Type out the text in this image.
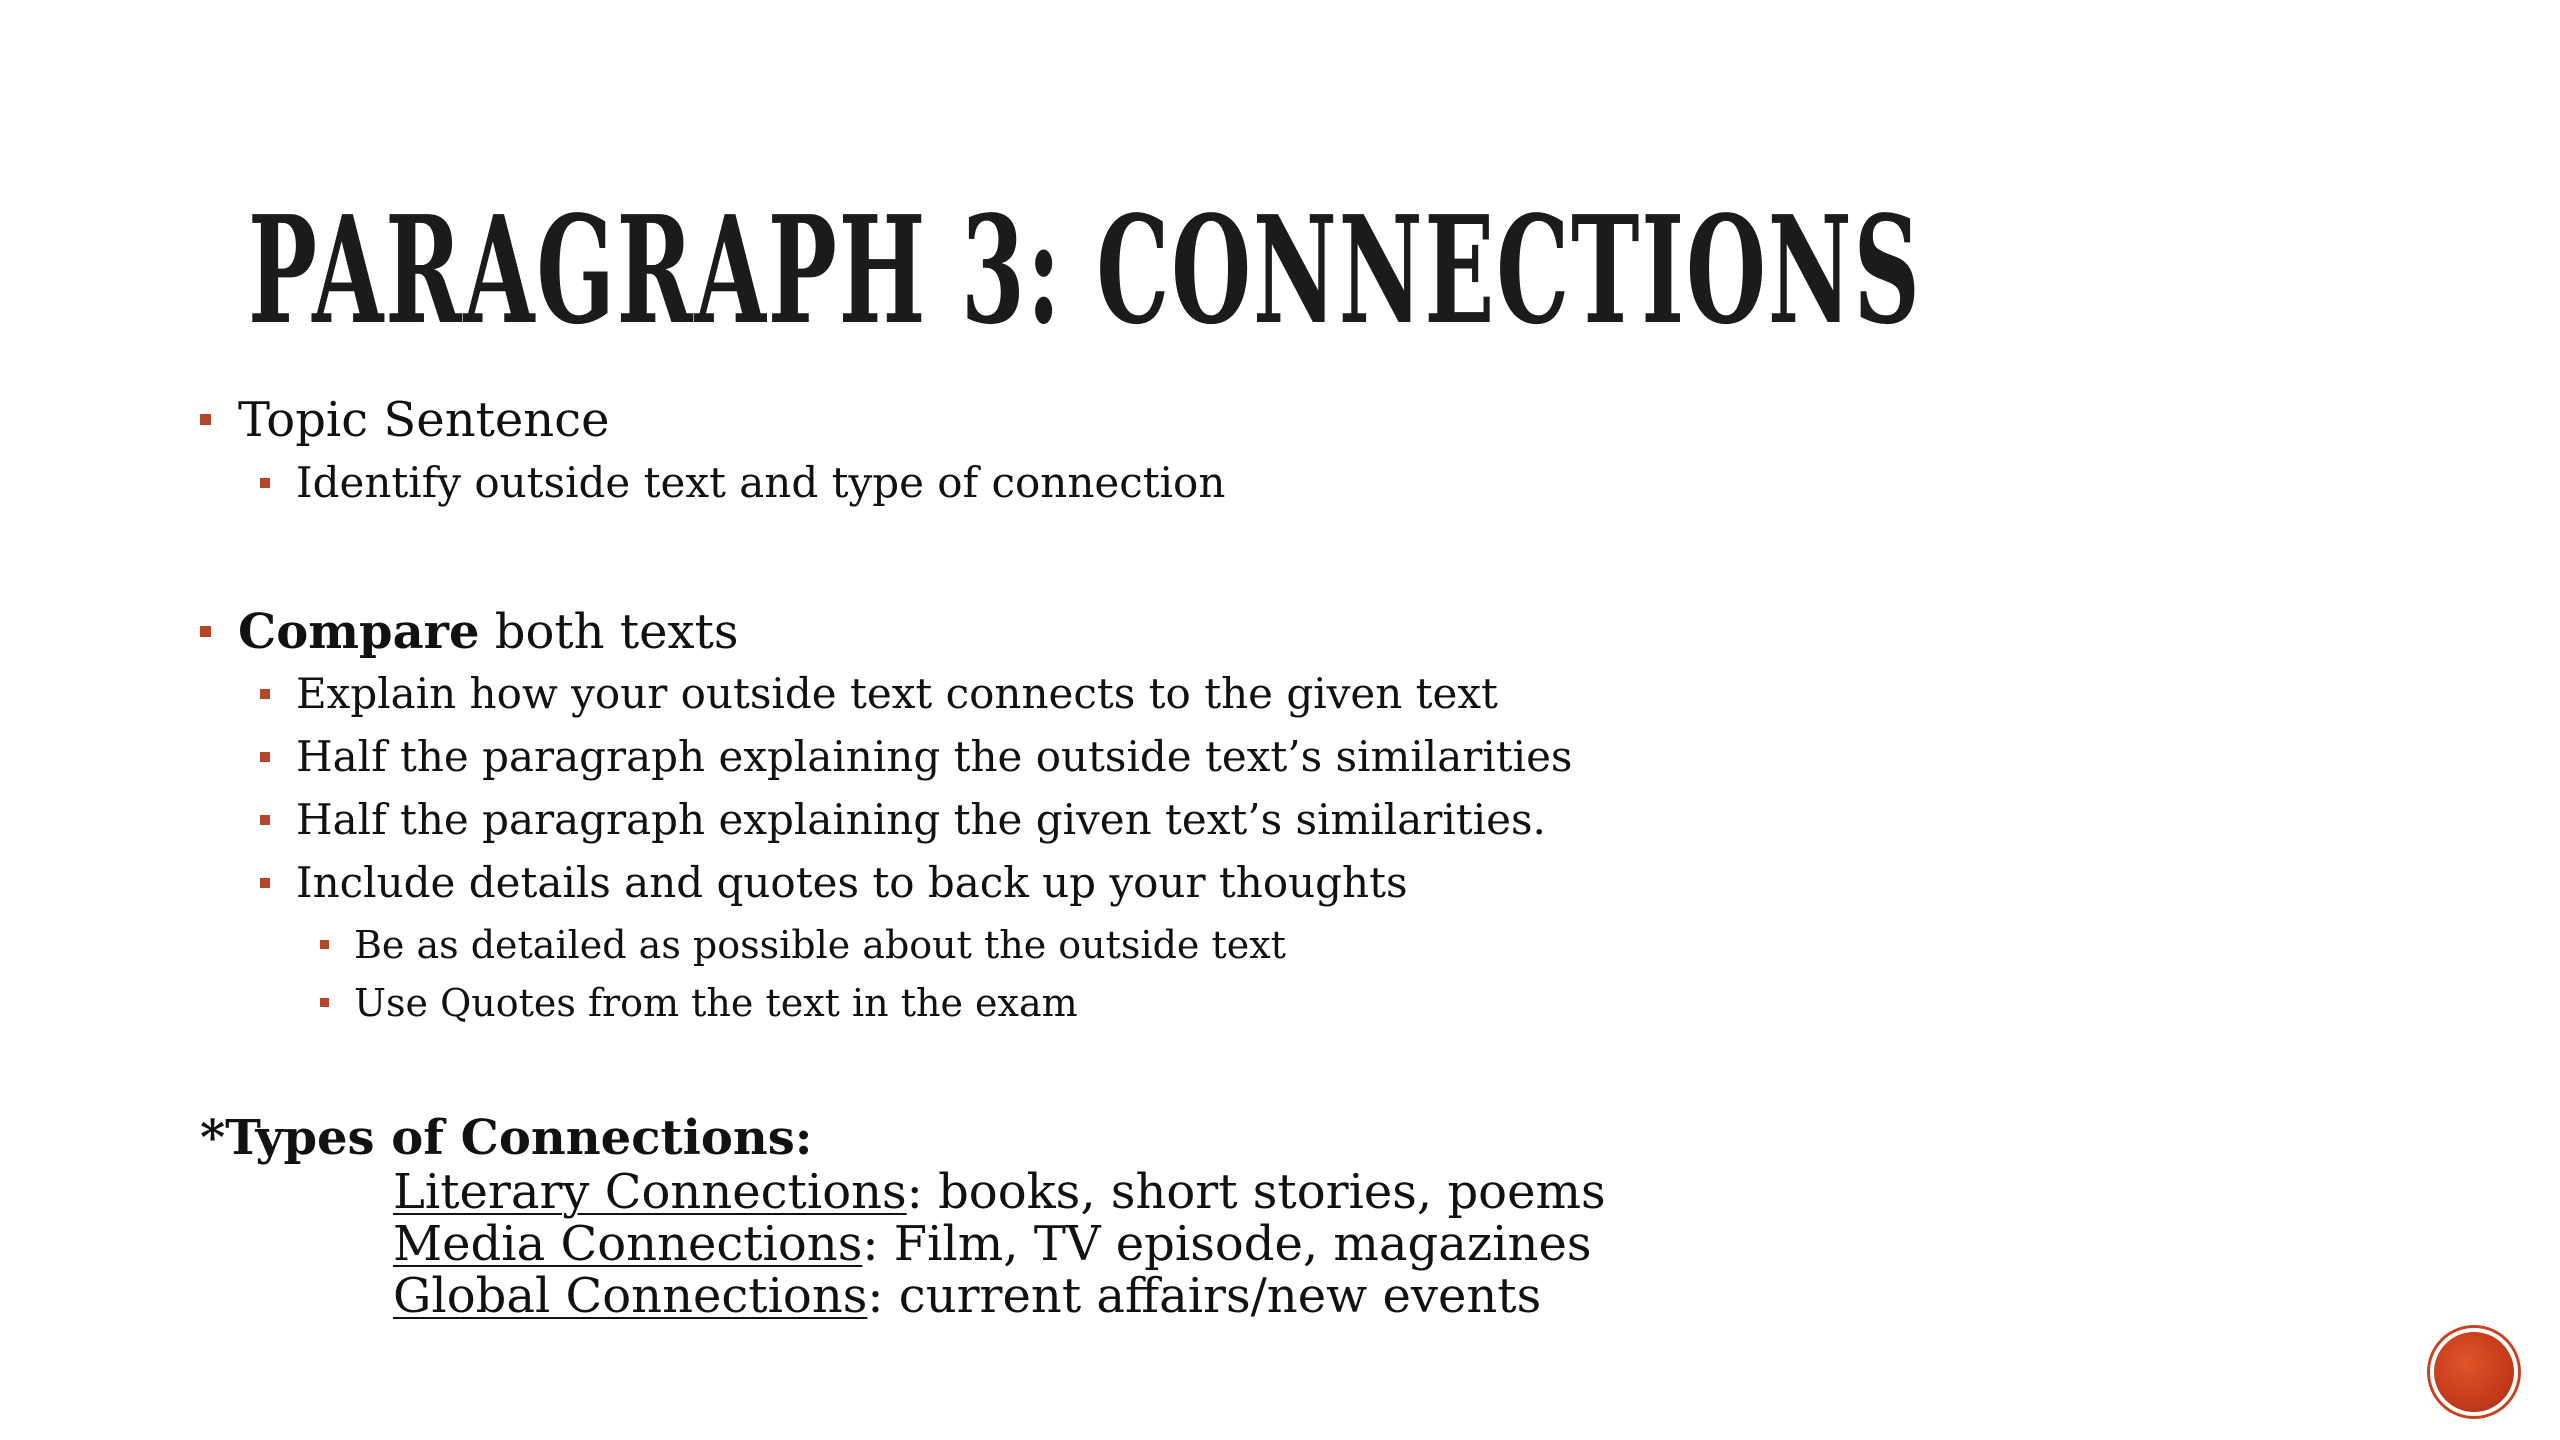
PARAGRAPH 3: CONNECTIONS
Topic Sentence
Identify outside text and type of connection
Compare both texts
Explain how your outside text connects to the given text
Half the paragraph explaining the outside text’s similarities
Half the paragraph explaining the given text’s similarities.
Include details and quotes to back up your thoughts
Be as detailed as possible about the outside text
Use Quotes from the text in the exam
*Types of Connections:
Literary Connections: books, short stories, poems
Media Connections: Film, TV episode, magazines
Global Connections: current affairs/new events
